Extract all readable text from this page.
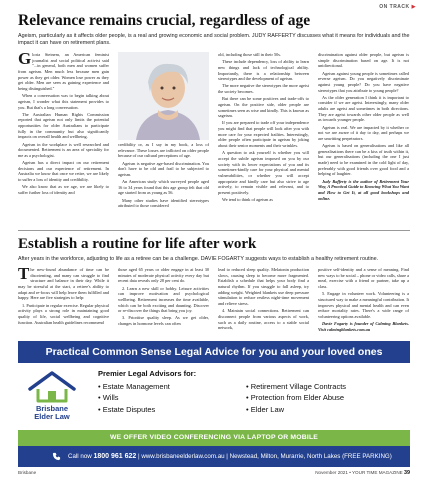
ON TRACK ▶
Relevance remains crucial, regardless of age
Ageism, particularly as it affects older people, is a real and growing economic and social problem. JUDY RAFFERTY discusses what it means for individuals and the impact it can have on retirement plans.

Gloria Steinem, an American feminist journalist and social political activist said "...in general, both men and women suffer from ageism. Men much less because men gain power as they get older. Women lose power as they get older. Men are seen as gaining experience and being distinguished."

When a conversation was to begin talking about ageism, I wonder what this statement provides to you. But that's a long conversation.

The Australian Human Rights Commission reported that ageism not only limits the potential opportunities for older Australians to participate fully in the community but also significantly impacts on overall health and wellbeing.

Ageism in the workplace is well researched and documented. Retirement is an area of speciality for me as a psychologist.

Ageism has a direct impact on our retirement decisions and our experience of retirement. In Australia we know that once we retire, we are likely to suffer a loss of identity and credibility.

We also know that as we age, we are likely to suffer further loss of identity and

credibility or, as I say in my book, a loss of relevance. These losses are inflicted on older people because of our cultural perceptions of age.

Ageism is negative age-based discrimination. You don't have to be old and frail to be subjected to ageism.

An American study which surveyed people aged 16 to 34 years found that this age group felt that old age started from as young as 56.

Many other studies have identified stereotypes attributed to those considered

old, including those still in their 50s.

These include dependency, loss of ability to learn new things and lack of technological ability. Importantly, there is a relationship between stereotypes and the development of ageism.

The more negative the stereotypes the more ageist the society becomes.

But there can be some positives and trade-offs to ageism. On the positive side, older people are sometimes seen as wise and kindly. This is known as sageism.

If you are prepared to trade off your independence you might find that people will look after you with more care for your expected frailties. Interestingly, older people often participate in ageism by joking about their senior moments and their wrinkles.

A question to ask yourself is whether you will accept the subtle ageism imposed on you by our society with its lower expectations of you and its sometimes-kindly care for your physical and mental vulnerabilities, or whether you will accept appropriate and kindly care but also strive to age actively, to remain visible and relevant, and to present positively.

We tend to think of ageism as

discrimination against older people, but ageism is simple discrimination based on age. It is not unidirectional.

Ageism against young people is sometimes called reverse ageism. Do you negatively discriminate against young people? Do you have negative stereotypes that you attribute to young people?

As the older generation I think it is important to consider if we are ageist. Interestingly, many older adults are ageist and sometimes in both directions. They are ageist towards other older people as well as towards younger people.

Ageism is real. We are impacted by it whether or not we are aware of it day to day, and perhaps we are unwitting perpetrators.

Ageism is based on generalisations and like all generalisations there can be a kiss of truth within it, but our generalisations (including the one I just made) need to be examined in the cold light of day, preferably with good friends over good food and a helping of laughter.

Judy Rafferty is the author of Retirement Your Way, A Practical Guide to Knowing What You Want and How to Get It, at all good bookshops and online.

Establish a routine for life after work
After years in the workforce, adjusting to life as a retiree can be a challenge. DAVIE FOGARTY suggests ways to establish a healthy retirement routine.

The new-found abundance of time can be disorienting, and many can struggle to find structure and balance in their day. While it may be stressful at the start, a retiree's ability to adapt and re-focus will help leave them fulfilled and happy. Here are five strategies to help:

1. Participate in regular exercise. Regular physical activity plays a strong role in maintaining good quality of life, social wellbeing and cognitive function. Australian health guidelines recommend

those aged 65 years or older engage in at least 30 minutes of moderate physical activity every day but recent data reveals only 28 per cent do.

2. Learn a new skill or hobby. Leisure activities can improve motivation and psychological wellbeing. Retirement increases the time available, which can be both exciting and daunting. Discover or re-discover the things that bring you joy.

3. Prioritise quality sleep. As we get older, changes in hormone levels can often

lead to reduced sleep quality. Melatonin production slows, causing sleep to become more fragmented. Establish a schedule that helps your body find a natural rhythm. If you struggle to fall asleep, try adding weight. Weighted blankets use deep pressure stimulation to reduce restless night-time movement and relieve stress.

4. Maintain social connections. Retirement can disconnect people from various aspects of work, such as a daily routine, access to a stable social network,

positive self-identity and a sense of meaning. Find new ways to be social – phone or video calls, share a meal, exercise with a friend or partner, take up a class.

5. Engage in volunteer work. Volunteering is a structured way to make a meaningful contribution. It improves physical and mental health and can even reduce mortality rates. There's a wide range of volunteering options available.

Davie Fogarty is founder of Calming Blankets. Visit calmingblankets.com.au

Practical Common Sense Legal Advice for you and your loved ones
Brisbane
Elder Law
Premier Legal Advisors for:
• Estate Management
• Wills
• Estate Disputes
• Retirement Village Contracts
• Protection from Elder Abuse
• Elder Law
WE OFFER VIDEO CONFERENCING VIA LAPTOP OR MOBILE
Call now 1800 961 622 | www.brisbaneelderlaw.com.au | Newstead, Milton, Murarrie, North Lakes (FREE PARKING)
Brisbane	November 2021 • YOUR TIME MAGAZINE 39
